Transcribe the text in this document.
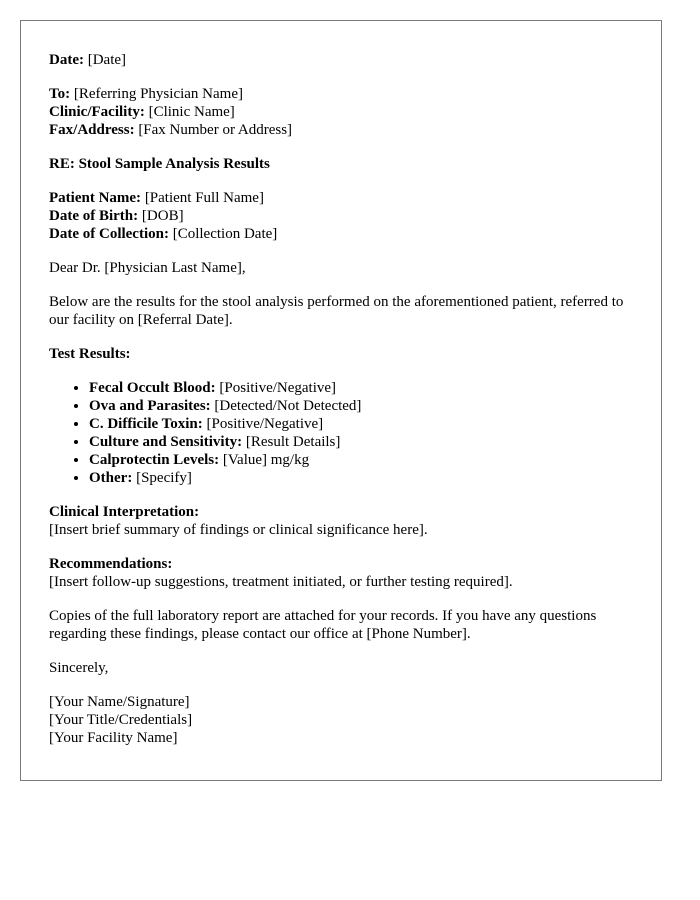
Date: [Date]
To: [Referring Physician Name]
Clinic/Facility: [Clinic Name]
Fax/Address: [Fax Number or Address]
RE: Stool Sample Analysis Results
Patient Name: [Patient Full Name]
Date of Birth: [DOB]
Date of Collection: [Collection Date]

Dear Dr. [Physician Last Name],

Below are the results for the stool analysis performed on the aforementioned patient, referred to our facility on [Referral Date].

Test Results:

• Fecal Occult Blood: [Positive/Negative]
• Ova and Parasites: [Detected/Not Detected]
• C. Difficile Toxin: [Positive/Negative]
• Culture and Sensitivity: [Result Details]
• Calprotectin Levels: [Value] mg/kg
• Other: [Specify]
Clinical Interpretation:
[Insert brief summary of findings or clinical significance here].
Recommendations:
[Insert follow-up suggestions, treatment initiated, or further testing required].

Copies of the full laboratory report are attached for your records. If you have any questions regarding these findings, please contact our office at [Phone Number].

Sincerely,

[Your Name/Signature]
[Your Title/Credentials]
[Your Facility Name]
